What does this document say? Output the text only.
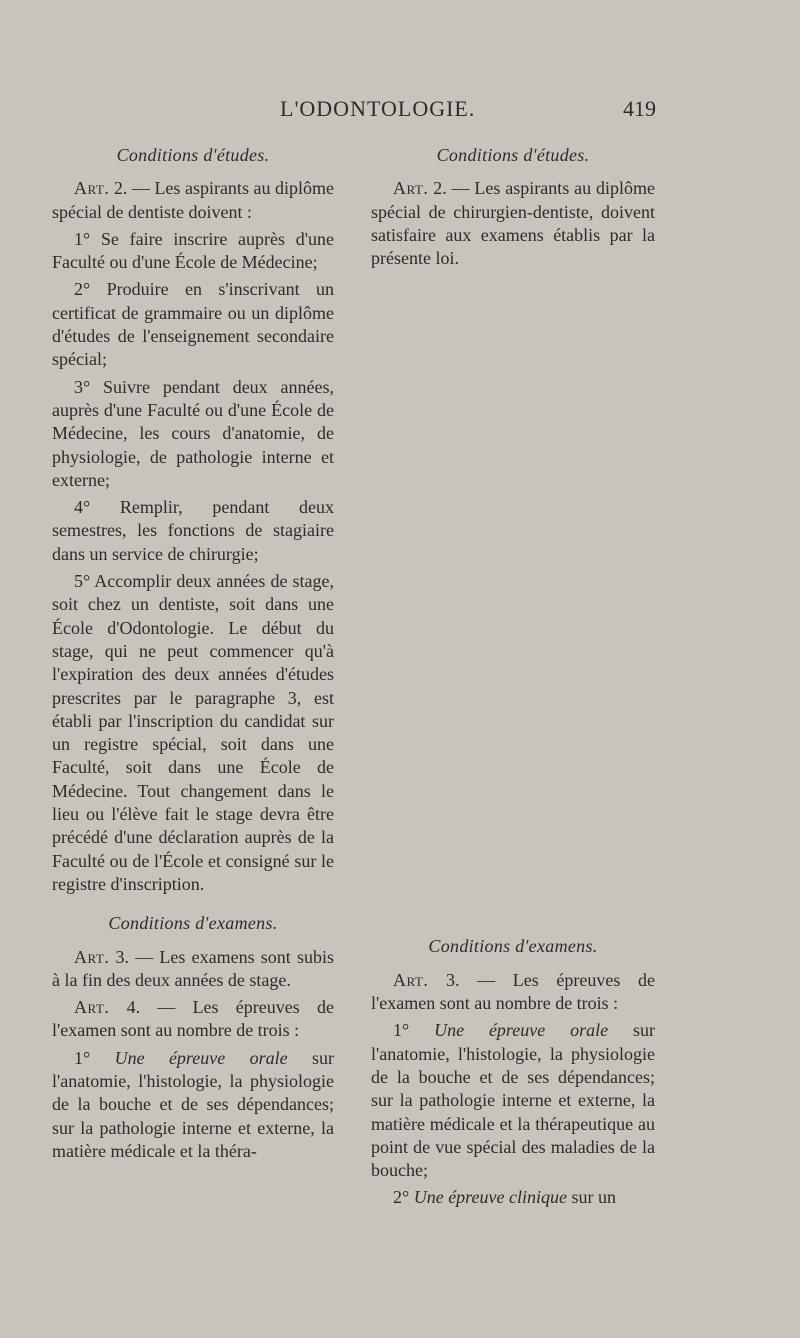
L'ODONTOLOGIE.	419
Conditions d'études.

Art. 2. — Les aspirants au diplôme spécial de dentiste doivent :

1° Se faire inscrire auprès d'une Faculté ou d'une École de Médecine;

2° Produire en s'inscrivant un certificat de grammaire ou un diplôme d'études de l'enseignement secondaire spécial;

3° Suivre pendant deux années, auprès d'une Faculté ou d'une École de Médecine, les cours d'anatomie, de physiologie, de pathologie interne et externe;

4° Remplir, pendant deux semestres, les fonctions de stagiaire dans un service de chirurgie;

5° Accomplir deux années de stage, soit chez un dentiste, soit dans une École d'Odontologie. Le début du stage, qui ne peut commencer qu'à l'expiration des deux années d'études prescrites par le paragraphe 3, est établi par l'inscription du candidat sur un registre spécial, soit dans une Faculté, soit dans une École de Médecine. Tout changement dans le lieu ou l'élève fait le stage devra être précédé d'une déclaration auprès de la Faculté ou de l'École et consigné sur le registre d'inscription.

Conditions d'examens.

Art. 3. — Les examens sont subis à la fin des deux années de stage.

Art. 4. — Les épreuves de l'examen sont au nombre de trois :

1° Une épreuve orale sur l'anatomie, l'histologie, la physiologie de la bouche et de ses dépendances; sur la pathologie interne et externe, la matière médicale et la théra-

Conditions d'études.

Art. 2. — Les aspirants au diplôme spécial de chirurgien-dentiste, doivent satisfaire aux examens établis par la présente loi.

Conditions d'examens.

Art. 3. — Les épreuves de l'examen sont au nombre de trois :

1° Une épreuve orale sur l'anatomie, l'histologie, la physiologie de la bouche et de ses dépendances; sur la pathologie interne et externe, la matière médicale et la thérapeutique au point de vue spécial des maladies de la bouche;

2° Une épreuve clinique sur un
